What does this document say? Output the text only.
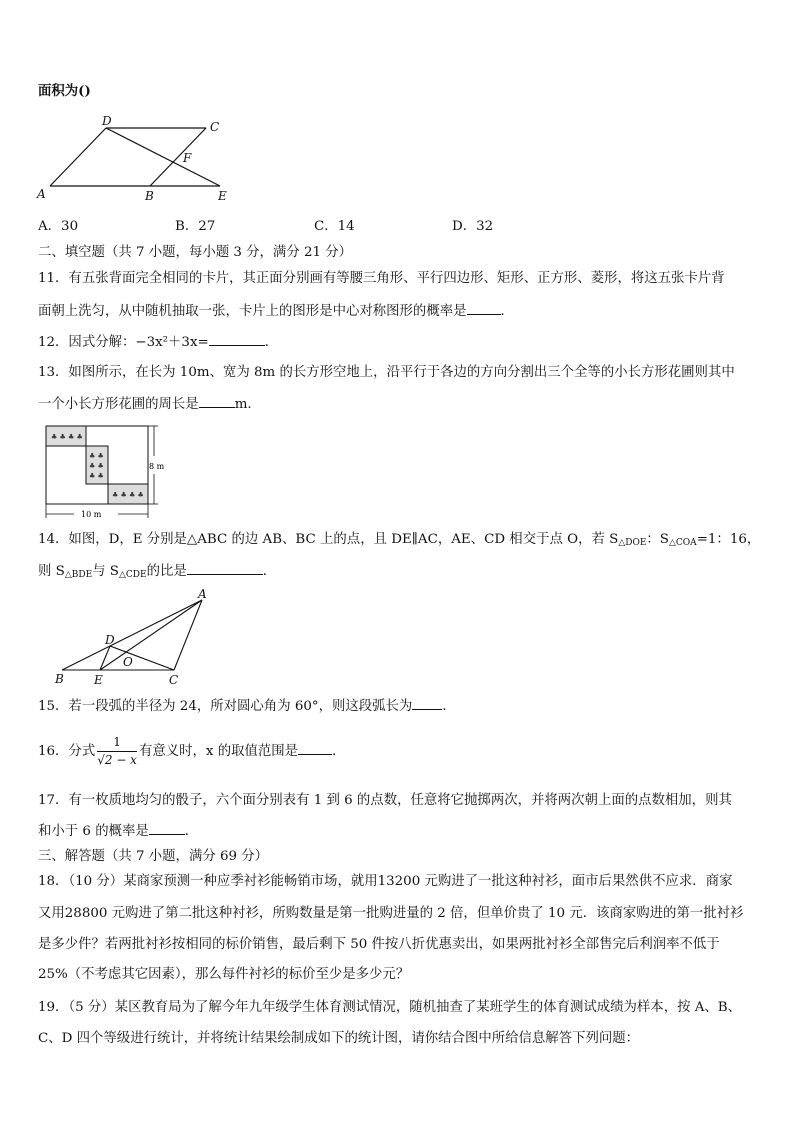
面积为()
D	C
F
A	B	E
A．30	B．27	C．14	D．32
二、填空题（共 7 小题，每小题 3 分，满分 21 分）
11．有五张背面完全相同的卡片，其正面分别画有等腰三角形、平行四边形、矩形、正方形、菱形，将这五张卡片背
面朝上洗匀，从中随机抽取一张，卡片上的图形是中心对称图形的概率是	．
12．因式分解：−3x²＋3x=	．
13．如图所示，在长为 10m、宽为 8m 的长方形空地上，沿平行于各边的方向分割出三个全等的小长方形花圃则其中
一个小长方形花圃的周长是	m.
♣ ♣ ♣ ♣
♣ ♣
♣ ♣
♣ ♣
♣ ♣ ♣ ♣
8 m
10 m
14．如图，D，E 分别是△ABC 的边 AB、BC 上的点，且 DE∥AC，AE、CD 相交于点 O，若 $S_{\triangle DOE}$：$S_{\triangle COA}=1$：16，
则 $S_{\triangle BDE}$与 $S_{\triangle CDE}$的比是	．
A
D
O
B	E	C
15．若一段弧的半径为 24，所对圆心角为 60°，则这段弧长为 ．
16．分式 $\frac{1}{√2 - x}$ 有意义时，x 的取值范围是	．
17．有一枚质地均匀的骰子，六个面分别表有 1 到 6 的点数，任意将它抛掷两次，并将两次朝上面的点数相加，则其
和小于 6 的概率是	．
三、解答题（共 7 小题，满分 69 分）
18．（10 分）某商家预测一种应季衬衫能畅销市场，就用13200 元购进了一批这种衬衫，面市后果然供不应求．商家
又用28800 元购进了第二批这种衬衫，所购数量是第一批购进量的 2 倍，但单价贵了 10 元．该商家购进的第一批衬衫
是多少件？若两批衬衫按相同的标价销售，最后剩下 50 件按八折优惠卖出，如果两批衬衫全部售完后利润率不低于
25%（不考虑其它因素），那么每件衬衫的标价至少是多少元？
19．（5 分）某区教育局为了解今年九年级学生体育测试情况，随机抽查了某班学生的体育测试成绩为样本，按 A、B、
C、D 四个等级进行统计，并将统计结果绘制成如下的统计图，请你结合图中所给信息解答下列问题：
